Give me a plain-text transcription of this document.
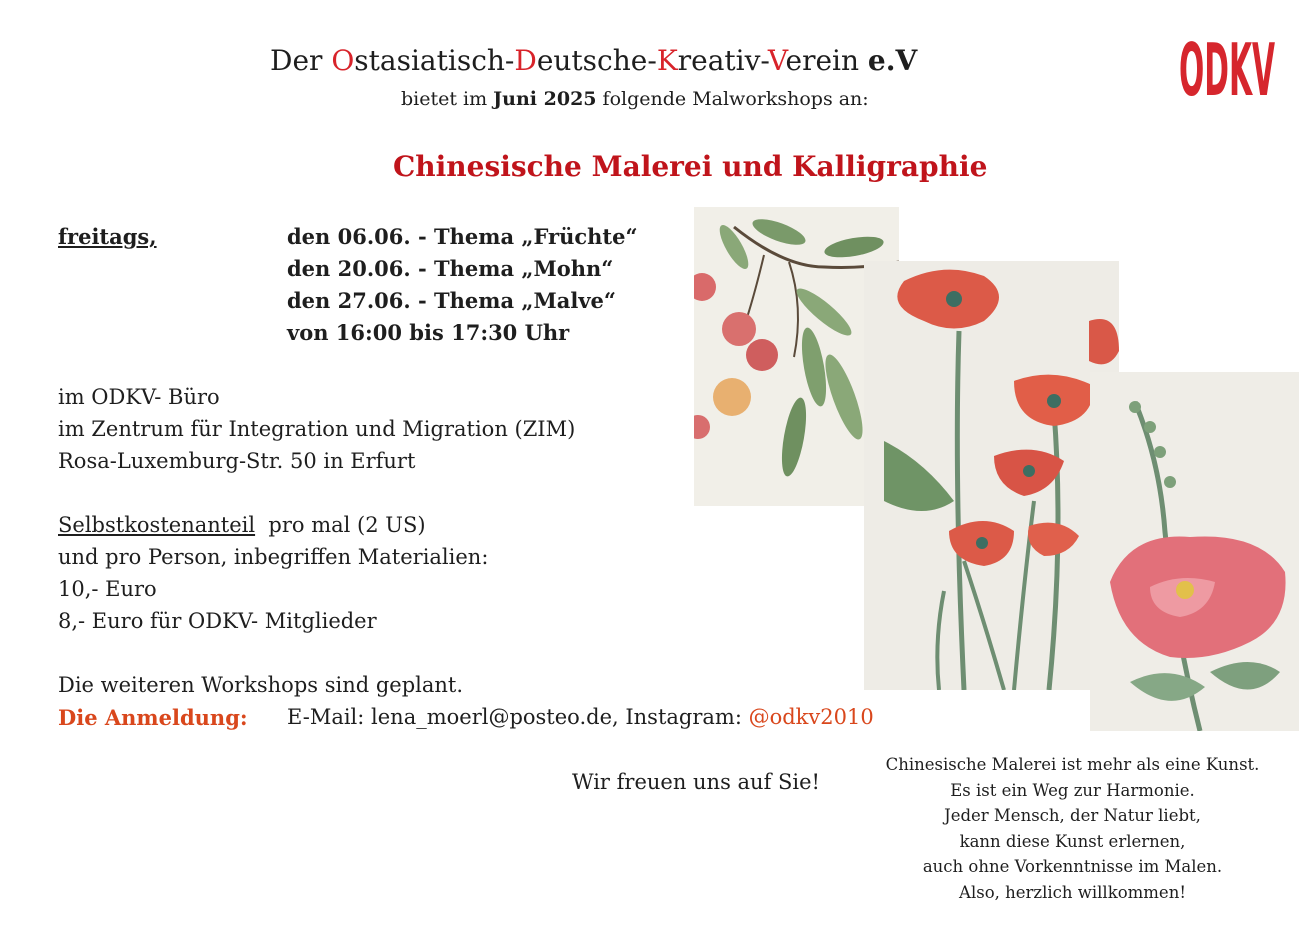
Der Ostasiatisch-Deutsche-Kreativ-Verein e.V
bietet im Juni 2025 folgende Malworkshops an:	ODKV
Chinesische Malerei und Kalligraphie
freitags,	den 06.06. - Thema „Früchte“
den 20.06. - Thema „Mohn“
den 27.06. - Thema „Malve“
von 16:00 bis 17:30 Uhr
im ODKV- Büro
im Zentrum für Integration und Migration (ZIM)
Rosa-Luxemburg-Str. 50 in Erfurt
Selbstkostenanteil  pro mal (2 US)
und pro Person, inbegriffen Materialien:
10,- Euro
8,- Euro für ODKV- Mitglieder
Die weiteren Workshops sind geplant.
Die Anmeldung: E-Mail: lena_moerl@posteo.de, Instagram: @odkv2010
Wir freuen uns auf Sie!
Chinesische Malerei ist mehr als eine Kunst.
Es ist ein Weg zur Harmonie.
Jeder Mensch, der Natur liebt,
kann diese Kunst erlernen,
auch ohne Vorkenntnisse im Malen.
Also, herzlich willkommen!
